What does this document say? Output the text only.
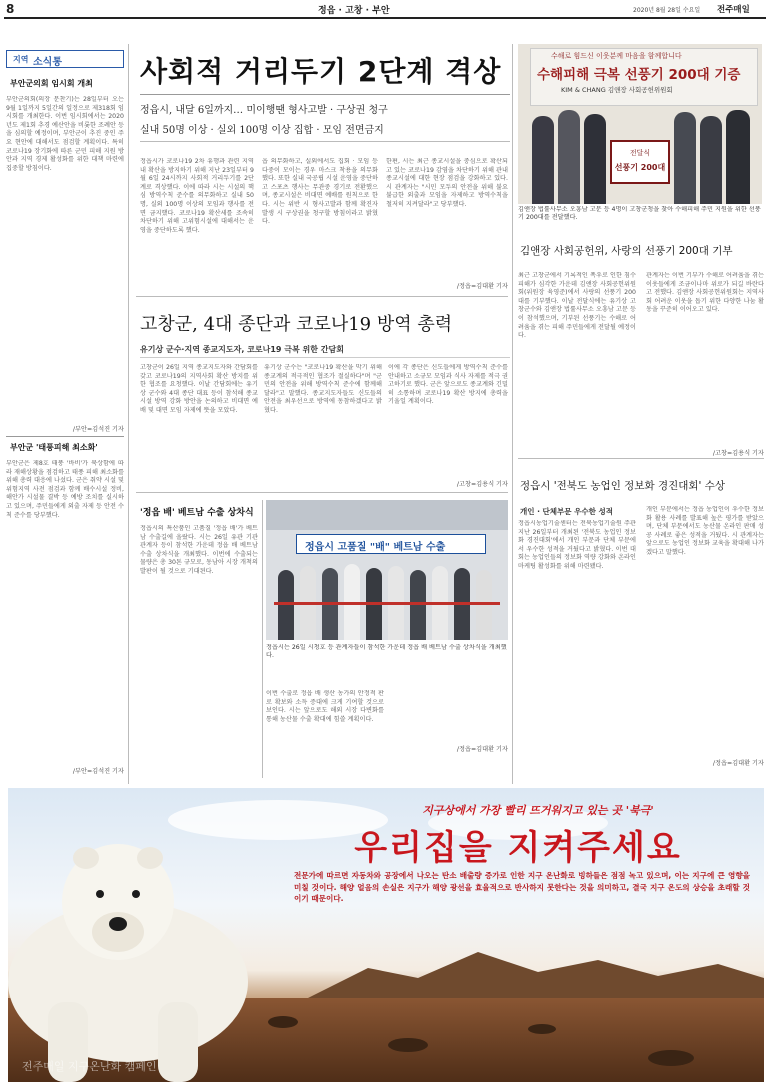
8	정읍 · 고창 · 부안	2020년 8월 28일 수요일 전주매일
지역 소식통
부안군의회 임시회 개최
부안군의회(의장 문찬기)는 28일부터 오는 9월 1일까지 5일간의 일정으로 제318회 임시회를 개최한다. 이번 임시회에서는 2020년도 제1회 추경 예산안을 비롯한 조례안 등을 심의할 예정이며, 부안군이 추진 중인 주요 현안에 대해서도 점검할 계획이다. 특히 코로나19 장기화에 따른 군민 피해 지원 방안과 지역 경제 활성화를 위한 대책 마련에 집중할 방침이다.
/부안=김석진 기자
부안군 '태풍피해 최소화'
부안군은 제8호 태풍 '바비'가 북상함에 따라 재해상황을 점검하고 태풍 피해 최소화를 위해 총력 대응에 나섰다. 군은 취약 시설 및 위험지역 사전 점검과 함께 배수시설 정비, 해안가 시설물 결박 등 예방 조치를 실시하고 있으며, 주민들에게 외출 자제 등 안전 수칙 준수를 당부했다.
/부안=김석진 기자
사회적 거리두기 2단계 격상
정읍시, 내달 6일까지… 미이행땐 형사고발 · 구상권 청구
실내 50명 이상 · 실외 100명 이상 집합 · 모임 전면금지
정읍시가 코로나19 2차 유행과 관련 지역 내 확산을 방지하기 위해 지난 23일부터 9월 6일 24시까지 사회적 거리두기를 2단계로 격상했다. 이에 따라 시는 시설의 핵심 방역수칙 준수를 의무화하고 실내 50명, 실외 100명 이상의 모임과 행사를 전면 금지했다. 코로나19 확산세를 조속히 차단하기 위해 고위험시설에 대해서는 운영을 중단하도록 했다.
읍 의무화하고, 실외에서도 집회 · 모임 등 다중이 모이는 경우 마스크 착용을 의무화했다. 또한 실내 국공립 시설 운영을 중단하고 스포츠 행사는 무관중 경기로 전환했으며, 종교시설은 비대면 예배를 원칙으로 한다. 시는 위반 시 형사고발과 함께 확진자 발생 시 구상권을 청구할 방침이라고 밝혔다.
한편, 시는 최근 종교시설을 중심으로 확산되고 있는 코로나19 감염을 차단하기 위해 관내 종교시설에 대한 현장 점검을 강화하고 있다. 시 관계자는 "시민 모두의 안전을 위해 불요불급한 외출과 모임을 자제하고 방역수칙을 철저히 지켜달라"고 당부했다.
/정읍=김대환 기자
수해로 힘드신 이웃분께 마음을 함께합니다
수해피해 극복 선풍기 200대 기증
KIM & CHANG 김앤장 사회공헌위원회
전달식
선풍기 200대
김앤장 법률사무소 오흥남 고문 등 4명이 고창군청을 찾아 수해피해 주민 지원을 위한 선풍기 200대를 전달했다.
김앤장 사회공헌위, 사랑의 선풍기 200대 기부
최근 고창군에서 기록적인 폭우로 인한 침수피해가 심각한 가운데 김앤장 사회공헌위원회(위원장 육영준)에서 사랑의 선풍기 200대를 기부했다. 이날 전달식에는 유기상 고창군수와 김앤장 법률사무소 오흥남 고문 등이 참석했으며, 기부된 선풍기는 수해로 어려움을 겪는 피해 주민들에게 전달될 예정이다.
관계자는 이번 기부가 수해로 어려움을 겪는 이웃들에게 조금이나마 위로가 되길 바란다고 전했다. 김앤장 사회공헌위원회는 지역사회 어려운 이웃을 돕기 위한 다양한 나눔 활동을 꾸준히 이어오고 있다.
/고창=김용식 기자
고창군, 4대 종단과 코로나19 방역 총력
유기상 군수·지역 종교지도자, 코로나19 극복 위한 간담회
고창군이 26일 지역 종교지도자와 간담회를 갖고 코로나19의 지역사회 확산 방지를 위한 협조를 요청했다. 이날 간담회에는 유기상 군수와 4대 종단 대표 등이 참석해 종교시설 방역 강화 방안을 논의하고 비대면 예배 및 대면 모임 자제에 뜻을 모았다.
유기상 군수는 "코로나19 확산을 막기 위해 종교계의 적극적인 협조가 절실하다"며 "군민의 안전을 위해 방역수칙 준수에 함께해 달라"고 말했다. 종교지도자들도 신도들의 안전을 최우선으로 방역에 동참하겠다고 밝혔다.
이에 각 종단은 신도들에게 방역수칙 준수를 안내하고 소규모 모임과 식사 자제를 적극 권고하기로 했다. 군은 앞으로도 종교계와 긴밀히 소통하며 코로나19 확산 방지에 총력을 기울일 계획이다.
/고창=김용식 기자
'정읍 배' 베트남 수출 상차식
정읍시의 특산품인 고품질 '정읍 배'가 베트남 수출길에 올랐다. 시는 26일 유관 기관 관계자 등이 참석한 가운데 정읍 배 베트남 수출 상차식을 개최했다. 이번에 수출되는 물량은 총 30톤 규모로, 동남아 시장 개척의 발판이 될 것으로 기대된다.
정읍시 고품질 "배" 베트남 수출
정읍시는 26일 시청호 등 관계자들이 참석한 가운데 정읍 배 베트남 수출 상차식을 개최했다.
이번 수출로 정읍 배 생산 농가의 안정적 판로 확보와 소득 증대에 크게 기여할 것으로 보인다. 시는 앞으로도 해외 시장 다변화를 통해 농산물 수출 확대에 힘쓸 계획이다.
/정읍=김대환 기자
정읍시 '전북도 농업인 정보화 경진대회' 수상
개인 · 단체부문 우수한 성적
정읍시농업기술센터는 전북농업기술원 주관 지난 26일부터 개최된 '전북도 농업인 정보화 경진대회'에서 개인 부문과 단체 부문에서 우수한 성적을 거뒀다고 밝혔다. 이번 대회는 농업인들의 정보화 역량 강화와 온라인 마케팅 활성화를 위해 마련됐다.
개인 부문에서는 정읍 농업인이 우수한 정보화 활용 사례를 발표해 높은 평가를 받았으며, 단체 부문에서도 농산물 온라인 판매 성공 사례로 좋은 성적을 거뒀다. 시 관계자는 앞으로도 농업인 정보화 교육을 확대해 나가겠다고 말했다.
/정읍=김대환 기자
지구상에서 가장 빨리 뜨거워지고 있는 곳 '북극'
우리집을 지켜주세요
전문가에 따르면 자동차와 공장에서 나오는 탄소 배출량 증가로 인한 지구 온난화로 빙하들은 점점 녹고 있으며, 이는 지구에 큰 영향을 미칠 것이다. 해양 얼음의 손실은 지구가 해양 광선을 효율적으로 반사하지 못한다는 것을 의미하고, 결국 지구 온도의 상승을 초래할 것이기 때문이다.
전주매일 지구온난화 캠페인
